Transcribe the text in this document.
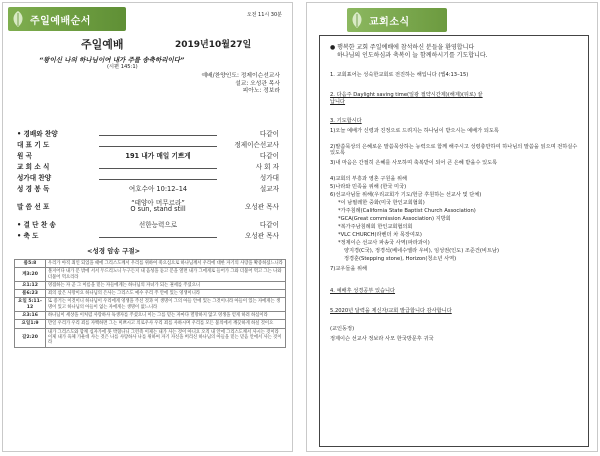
주일예배순서
오전 11시 30분
주일예배	2019년10월27일
“왕이신 나의 하나님이여 내가 주를 송축하리이다”
(시편 145:1)
예배/찬양인도: 정제이슨선교사
설교: 오성관 목사
피아노: 정보라
• 경배와 찬양	다같이
대 표 기 도	정제이슨선교사
원 곡	191 내가 매일 기쁘게	다같이
교 회 소 식	사 회 자
성가대 찬양	성가대
성 경 봉 독	여호수아 10:12–14	설교자
말 씀 선 포	“태양아 머무르라”
O sun, stand still	오성관 목사
• 결 단 찬 송	선한능력으로	다같이
• 축 도	오성관 목사
<성경 암송 구절>
롬5:8	우리가 아직 죄인 되었을 때에 그리스도께서 우리를 위하여 죽으심으로 하나님께서 우리에 대한 자기의 사랑을 확증하셨느니라
계3:20	볼지어다 내가 문 밖에 서서 두드리노니 누구든지 내 음성을 듣고 문을 열면 내가 그에게로 들어가 그와 더불어 먹고 그는 나와 더불어 먹으리라
요1:12	영접하는 자 곧 그 이름을 믿는 자들에게는 하나님의 자녀가 되는 권세를 주셨으니
롬6:23	죄의 삯은 사망이요 하나님의 은사는 그리스도 예수 우리 주 안에 있는 영생이니라
요일 5:11–12	또 증거는 이것이니 하나님이 우리에게 영생을 주신 것과 이 생명이 그의 아들 안에 있는 그것이니라 아들이 있는 자에게는 생명이 있고 하나님의 아들이 없는 자에게는 생명이 없느니라
요3:16	하나님이 세상을 이처럼 사랑하사 독생자를 주셨으니 이는 그를 믿는 자마다 멸망하지 않고 영생을 얻게 하려 하심이라
요일1:9	만일 우리가 우리 죄를 자백하면 그는 미쁘시고 의로우사 우리 죄를 사하시며 우리를 모든 불의에서 깨끗하게 하실 것이요
갈2:20	내가 그리스도와 함께 십자가에 못 박혔나니 그런즉 이제는 내가 사는 것이 아니요 오직 내 안에 그리스도께서 사시는 것이라 이제 내가 육체 가운데 사는 것은 나를 사랑하사 나를 위하여 자기 자신을 버리신 하나님의 아들을 믿는 믿음 안에서 사는 것이라
교회소식
● 행복한 교회 주일예배에 참석하신 분들을 환영합니다
하나님의 인도하심과 축복이 늘 함께하시기를 기도합니다.
1. 교회표어는 성숙한교회로 전진하는 해입니다 (엡4:13–15)
2. 다음주 Daylight saving time(일광 절약시간제)(해제)(뒤로) 끝
납니다
3. 기도합시다
1)오늘 예배가 신령과 진정으로 드려지는 하나님이 받으시는 예배가 되도록
2)말씀묵상의 은혜로운 말씀묵상하는 능력으로 함께 해주시고 성령충만하여 하나님의 말씀을 읽으며 전하실수 있도록
3)내 마음은 간절히 은혜를 사모하며 축복받이 되어 큰 은혜 받을수 있도록
4)교회의 부흥과 영혼 구원을 위해
5)나라와 민족을 위해 (한국 미국)
6)선교사님들 위해(우리교회가 기도/헌금 후원하는 선교사 및 단체)
*이 남필레한 중화(미국 한인교회협회)
*가주침례(California State Baptist Church Association)
*GCA(Great commission Association) 지방회
*복가주남침례회 한인교회협의회
*VLC CHURCH(라벤더 차 목장여포)
*정제이슨 선교사 파송국 사역(파라과이)
양지경(C국), 정경석(베네수엘라 우비), 임성권(인도) 조준건(비트남)
정경훈(Stepping stone), Horizon(청소년 사역)
7)교우들을 위해
4. 예배후 성경공부 있습니다
5.2020년 달력을 제신자/교회 발급합니다 감사합니다
(교인동정)
정제이슨 선교사 정보라 사모 한국방문후 귀국
